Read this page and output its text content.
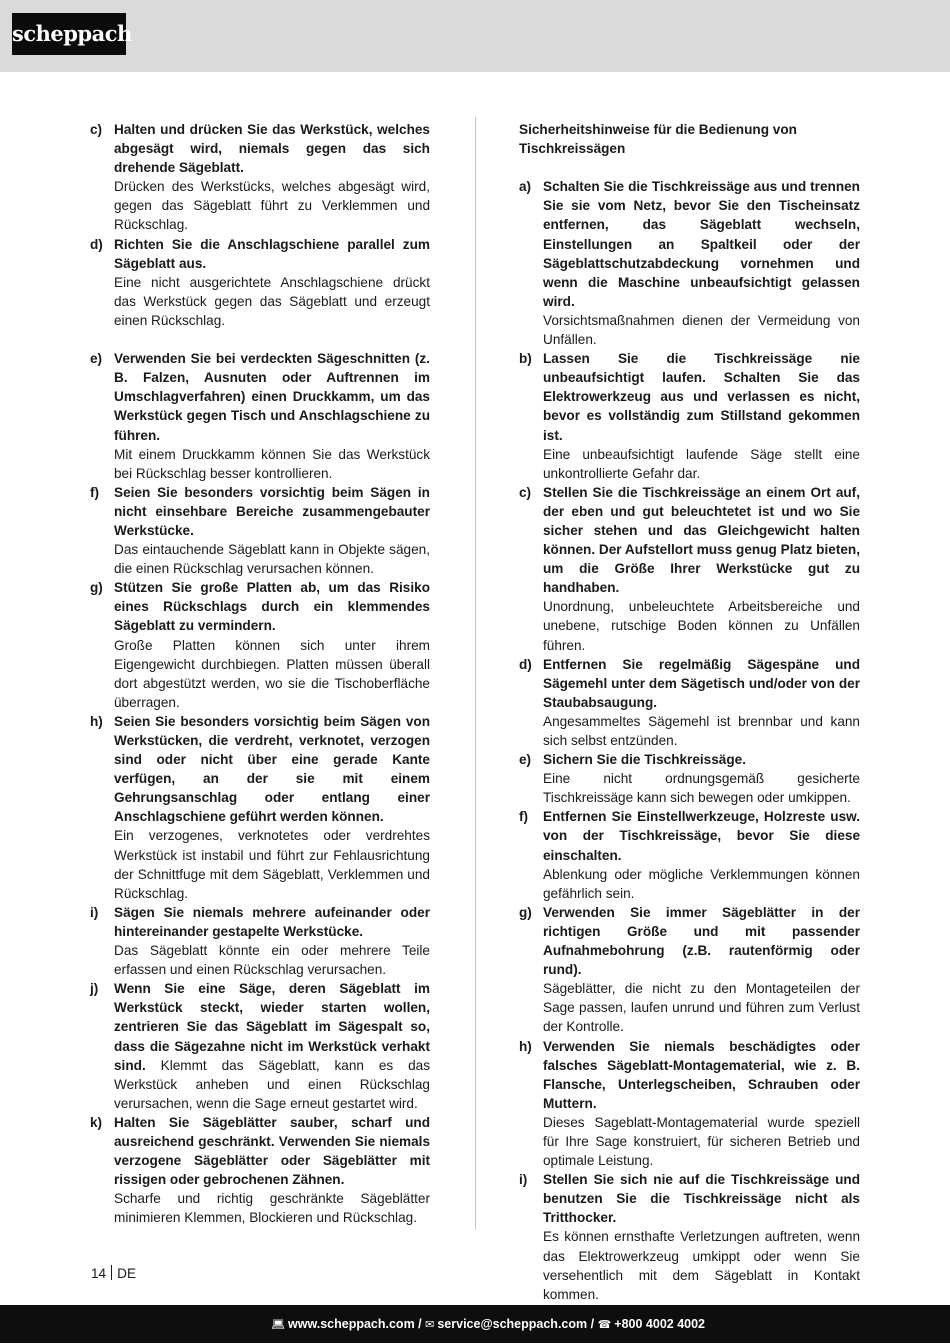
scheppach
c) Halten und drücken Sie das Werkstück, welches abgesägt wird, niemals gegen das sich drehende Sägeblatt.
Drücken des Werkstücks, welches abgesägt wird, gegen das Sägeblatt führt zu Verklemmen und Rückschlag.
d) Richten Sie die Anschlagschiene parallel zum Sägeblatt aus.
Eine nicht ausgerichtete Anschlagschiene drückt das Werkstück gegen das Sägeblatt und erzeugt einen Rückschlag.
e) Verwenden Sie bei verdeckten Sägeschnitten (z. B. Falzen, Ausnuten oder Auftrennen im Umschlagverfahren) einen Druckkamm, um das Werkstück gegen Tisch und Anschlagschiene zu führen.
Mit einem Druckkamm können Sie das Werkstück bei Rückschlag besser kontrollieren.
f) Seien Sie besonders vorsichtig beim Sägen in nicht einsehbare Bereiche zusammengebauter Werkstücke.
Das eintauchende Sägeblatt kann in Objekte sägen, die einen Rückschlag verursachen können.
g) Stützen Sie große Platten ab, um das Risiko eines Rückschlags durch ein klemmendes Sägeblatt zu vermindern.
Große Platten können sich unter ihrem Eigengewicht durchbiegen. Platten müssen überall dort abgestützt werden, wo sie die Tischoberfläche überragen.
h) Seien Sie besonders vorsichtig beim Sägen von Werkstücken, die verdreht, verknotet, verzogen sind oder nicht über eine gerade Kante verfügen, an der sie mit einem Gehrungsanschlag oder entlang einer Anschlagschiene geführt werden können.
Ein verzogenes, verknotetes oder verdrehtes Werkstück ist instabil und führt zur Fehlausrichtung der Schnittfuge mit dem Sägeblatt, Verklemmen und Rückschlag.
i) Sägen Sie niemals mehrere aufeinander oder hintereinander gestapelte Werkstücke.
Das Sägeblatt könnte ein oder mehrere Teile erfassen und einen Rückschlag verursachen.
j) Wenn Sie eine Säge, deren Sägeblatt im Werkstück steckt, wieder starten wollen, zentrieren Sie das Sägeblatt im Sägespalt so, dass die Sägezahne nicht im Werkstück verhakt sind. Klemmt das Sägeblatt, kann es das Werkstück anheben und einen Rückschlag verursachen, wenn die Sage erneut gestartet wird.
k) Halten Sie Sägeblätter sauber, scharf und ausreichend geschränkt. Verwenden Sie niemals verzogene Sägeblätter oder Sägeblätter mit rissigen oder gebrochenen Zähnen.
Scharfe und richtig geschränkte Sägeblätter minimieren Klemmen, Blockieren und Rückschlag.
Sicherheitshinweise für die Bedienung von Tischkreissägen
a) Schalten Sie die Tischkreissäge aus und trennen Sie sie vom Netz, bevor Sie den Tischeinsatz entfernen, das Sägeblatt wechseln, Einstellungen an Spaltkeil oder der Sägeblattschutzabdeckung vornehmen und wenn die Maschine unbeaufsichtigt gelassen wird.
Vorsichtsmaßnahmen dienen der Vermeidung von Unfällen.
b) Lassen Sie die Tischkreissäge nie unbeaufsichtigt laufen. Schalten Sie das Elektrowerkzeug aus und verlassen es nicht, bevor es vollständig zum Stillstand gekommen ist.
Eine unbeaufsichtigt laufende Säge stellt eine unkontrollierte Gefahr dar.
c) Stellen Sie die Tischkreissäge an einem Ort auf, der eben und gut beleuchtetet ist und wo Sie sicher stehen und das Gleichgewicht halten können. Der Aufstellort muss genug Platz bieten, um die Größe Ihrer Werkstücke gut zu handhaben.
Unordnung, unbeleuchtete Arbeitsbereiche und unebene, rutschige Boden können zu Unfällen führen.
d) Entfernen Sie regelmäßig Sägespäne und Sägemehl unter dem Sägetisch und/oder von der Staubabsaugung.
Angesammeltes Sägemehl ist brennbar und kann sich selbst entzünden.
e) Sichern Sie die Tischkreissäge.
Eine nicht ordnungsgemäß gesicherte Tischkreissäge kann sich bewegen oder umkippen.
f) Entfernen Sie Einstellwerkzeuge, Holzreste usw. von der Tischkreissäge, bevor Sie diese einschalten.
Ablenkung oder mögliche Verklemmungen können gefährlich sein.
g) Verwenden Sie immer Sägeblätter in der richtigen Größe und mit passender Aufnahmebohrung (z.B. rautenförmig oder rund).
Sägeblätter, die nicht zu den Montageteilen der Sage passen, laufen unrund und führen zum Verlust der Kontrolle.
h) Verwenden Sie niemals beschädigtes oder falsches Sägeblatt-Montagematerial, wie z. B. Flansche, Unterlegscheiben, Schrauben oder Muttern.
Dieses Sageblatt-Montagematerial wurde speziell für Ihre Sage konstruiert, für sicheren Betrieb und optimale Leistung.
i) Stellen Sie sich nie auf die Tischkreissäge und benutzen Sie die Tischkreissäge nicht als Tritthocker.
Es können ernsthafte Verletzungen auftreten, wenn das Elektrowerkzeug umkippt oder wenn Sie versehentlich mit dem Sägeblatt in Kontakt kommen.
14 DE
💻︎ www.scheppach.com / ✉︎ service@scheppach.com / ☎︎ +800 4002 4002
